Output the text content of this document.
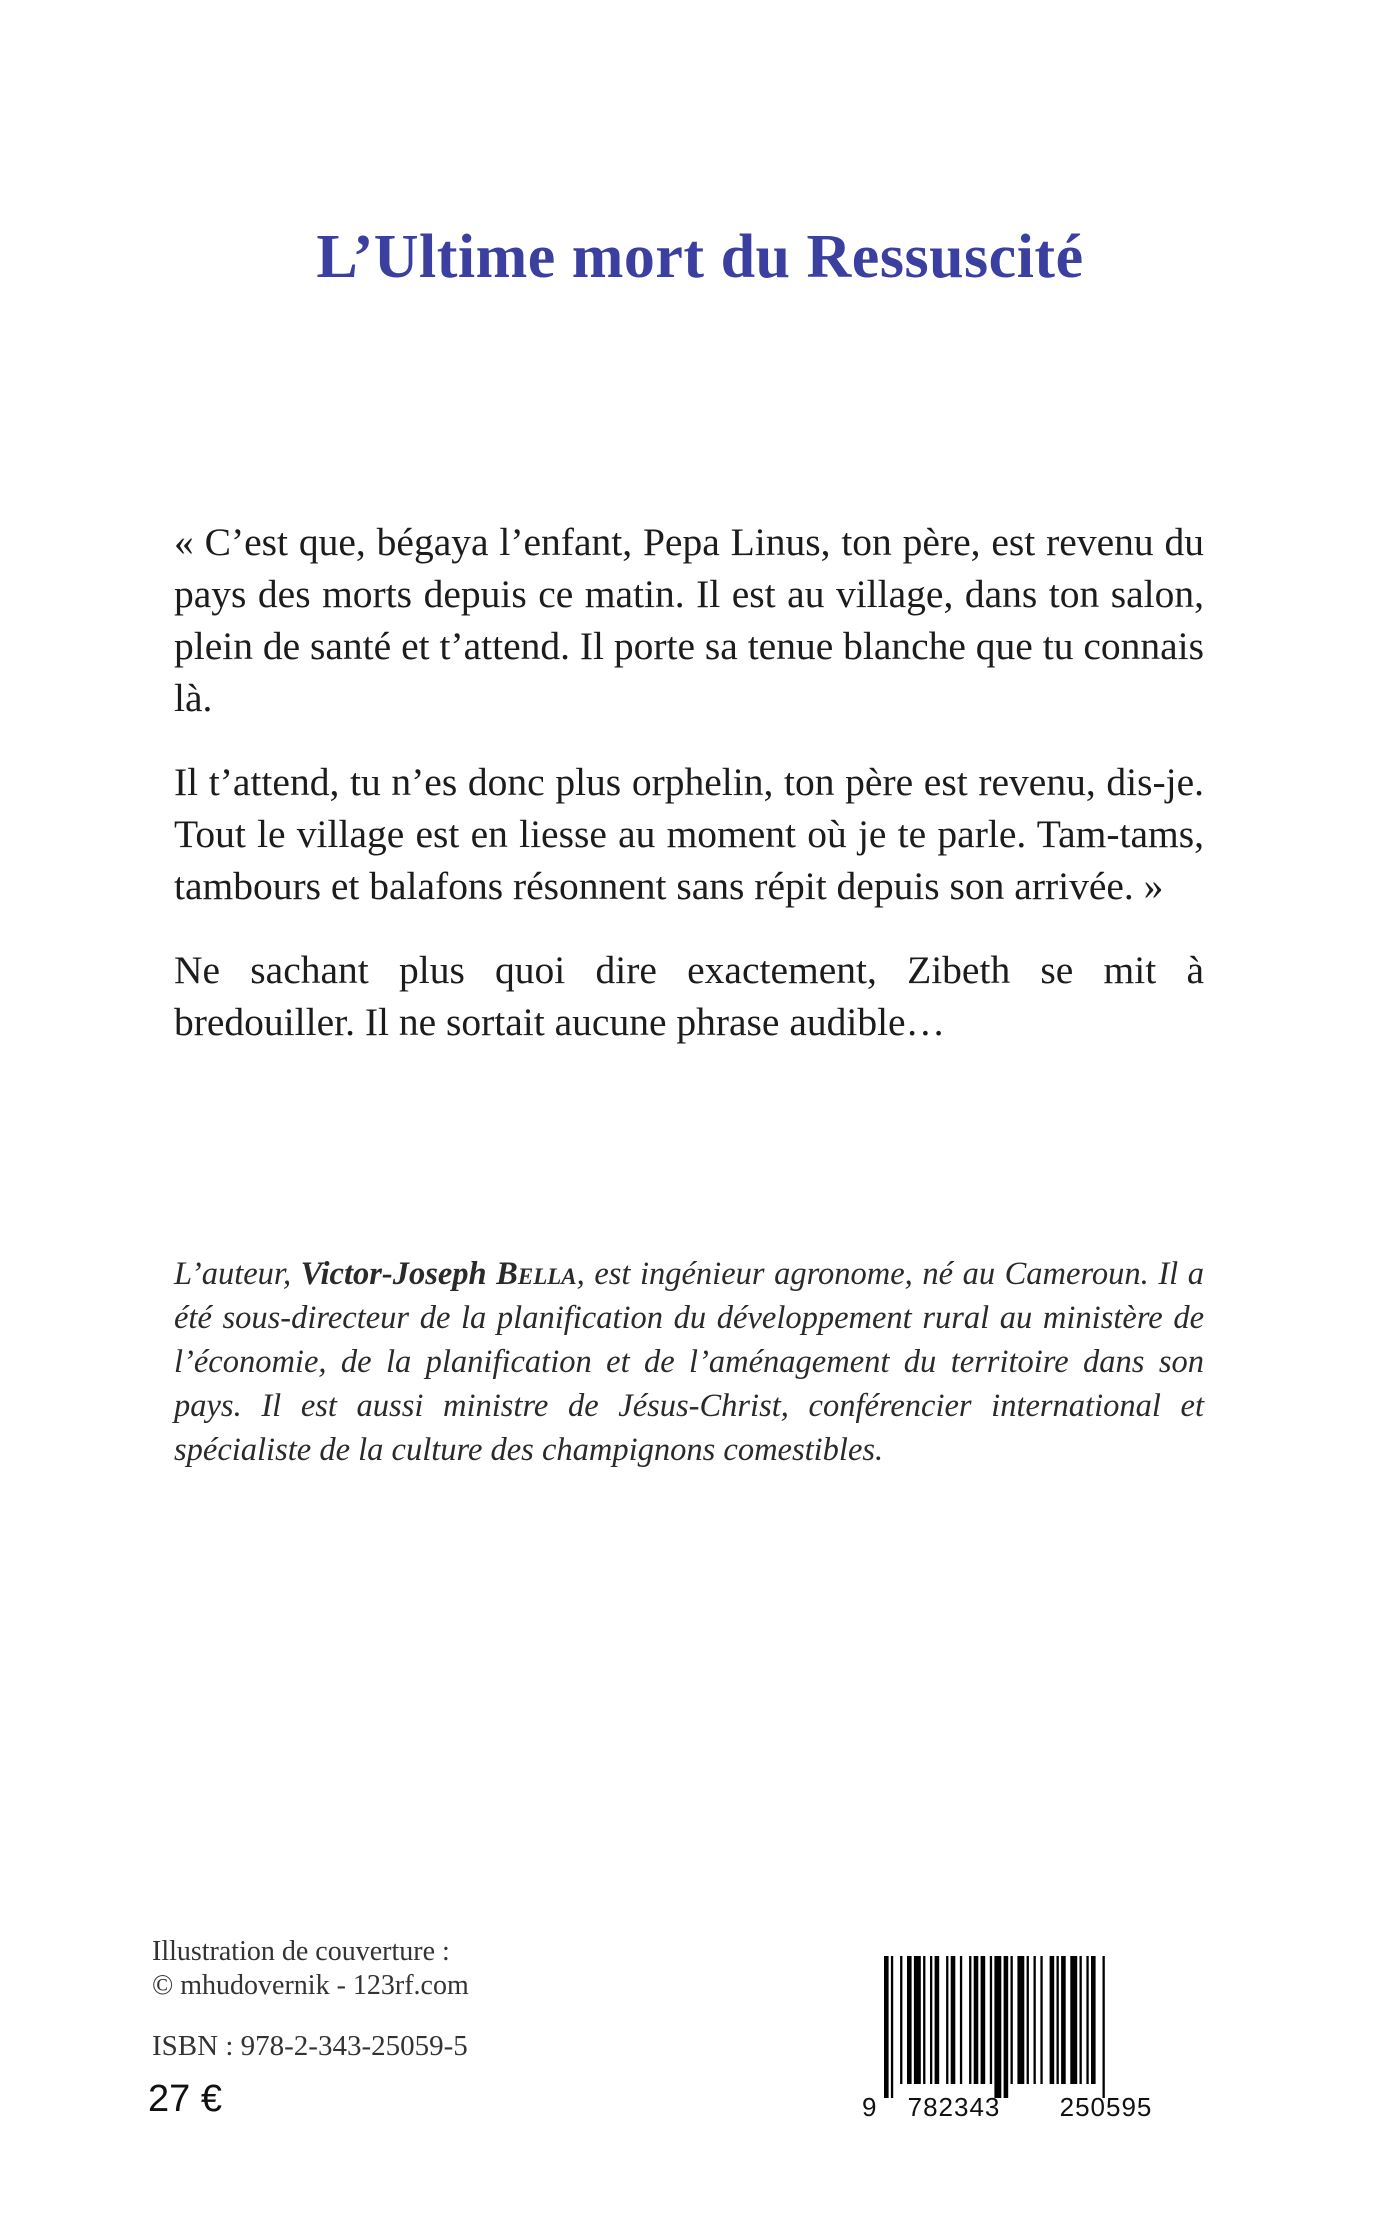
L’Ultime mort du Ressuscité

« C’est que, bégaya l’enfant, Pepa Linus, ton père, est revenu du pays des morts depuis ce matin. Il est au village, dans ton salon, plein de santé et t’attend. Il porte sa tenue blanche que tu connais là.

Il t’attend, tu n’es donc plus orphelin, ton père est revenu, dis-je. Tout le village est en liesse au moment où je te parle. Tam-tams, tambours et balafons résonnent sans répit depuis son arrivée. »

Ne sachant plus quoi dire exactement, Zibeth se mit à bredouiller. Il ne sortait aucune phrase audible…

L’auteur, Victor-Joseph Bella, est ingénieur agronome, né au Cameroun. Il a été sous-directeur de la planification du développement rural au ministère de l’économie, de la planification et de l’aménagement du territoire dans son pays. Il est aussi ministre de Jésus-Christ, conférencier international et spécialiste de la culture des champignons comestibles.

Illustration de couverture :
© mhudovernik - 123rf.com
ISBN : 978-2-343-25059-5
27 €	9 782343 250595
